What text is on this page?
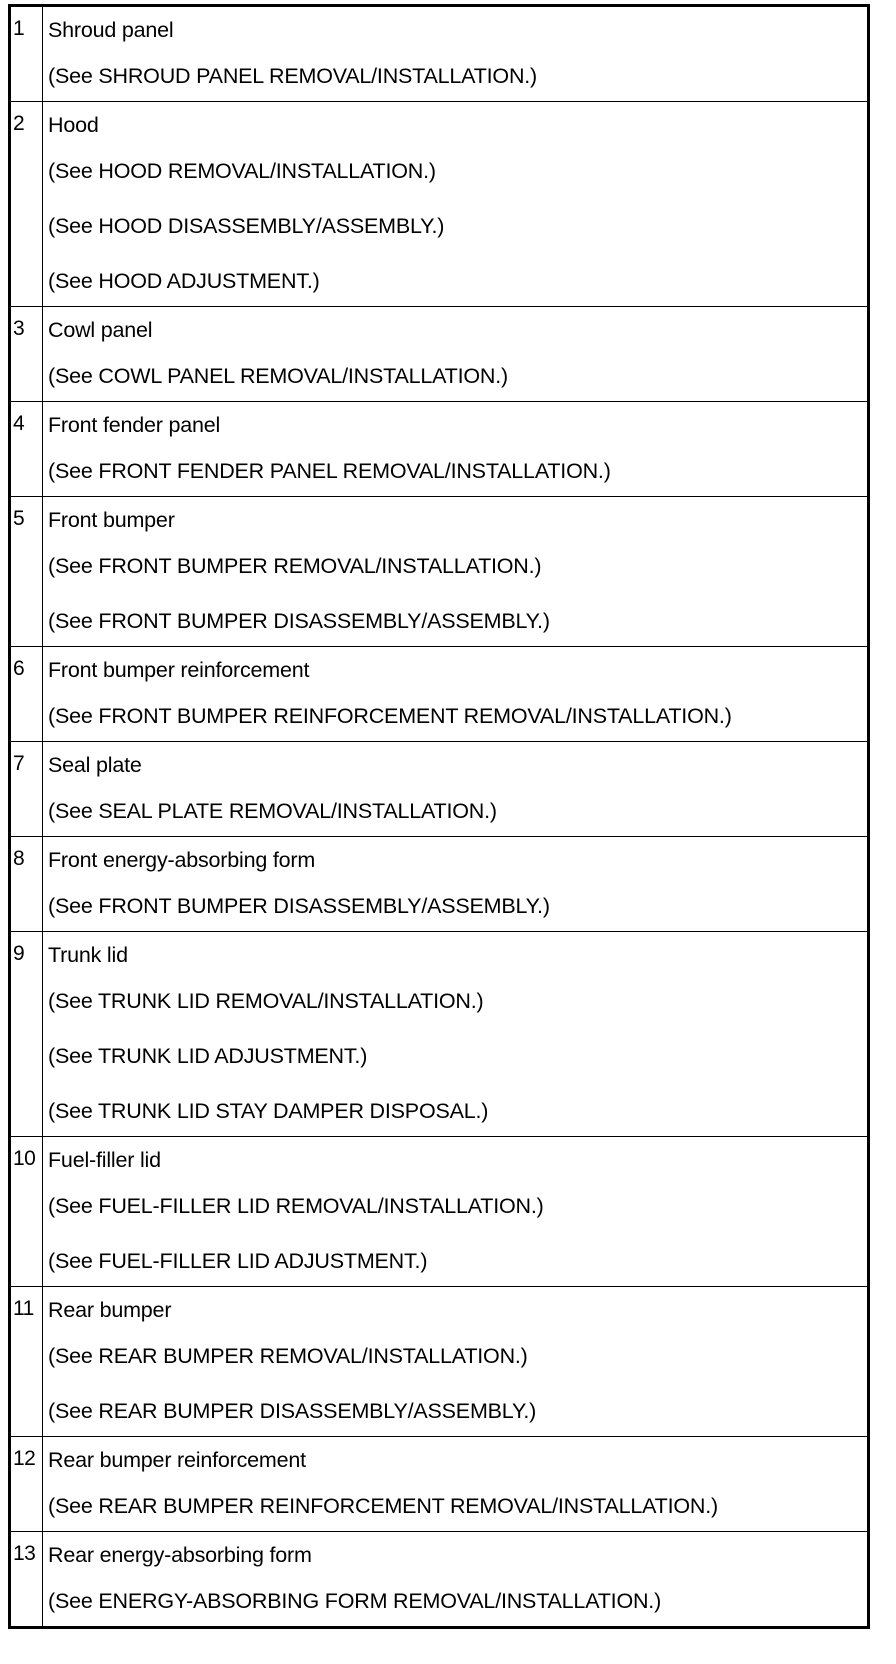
1	Shroud panel
(See SHROUD PANEL REMOVAL/INSTALLATION.)

2	Hood
(See HOOD REMOVAL/INSTALLATION.)
(See HOOD DISASSEMBLY/ASSEMBLY.)
(See HOOD ADJUSTMENT.)

3	Cowl panel
(See COWL PANEL REMOVAL/INSTALLATION.)

4	Front fender panel
(See FRONT FENDER PANEL REMOVAL/INSTALLATION.)

5	Front bumper
(See FRONT BUMPER REMOVAL/INSTALLATION.)
(See FRONT BUMPER DISASSEMBLY/ASSEMBLY.)

6	Front bumper reinforcement
(See FRONT BUMPER REINFORCEMENT REMOVAL/INSTALLATION.)

7	Seal plate
(See SEAL PLATE REMOVAL/INSTALLATION.)

8	Front energy-absorbing form
(See FRONT BUMPER DISASSEMBLY/ASSEMBLY.)

9	Trunk lid
(See TRUNK LID REMOVAL/INSTALLATION.)
(See TRUNK LID ADJUSTMENT.)
(See TRUNK LID STAY DAMPER DISPOSAL.)

10	Fuel-filler lid
(See FUEL-FILLER LID REMOVAL/INSTALLATION.)
(See FUEL-FILLER LID ADJUSTMENT.)

11	Rear bumper
(See REAR BUMPER REMOVAL/INSTALLATION.)
(See REAR BUMPER DISASSEMBLY/ASSEMBLY.)

12	Rear bumper reinforcement
(See REAR BUMPER REINFORCEMENT REMOVAL/INSTALLATION.)

13	Rear energy-absorbing form
(See ENERGY-ABSORBING FORM REMOVAL/INSTALLATION.)
